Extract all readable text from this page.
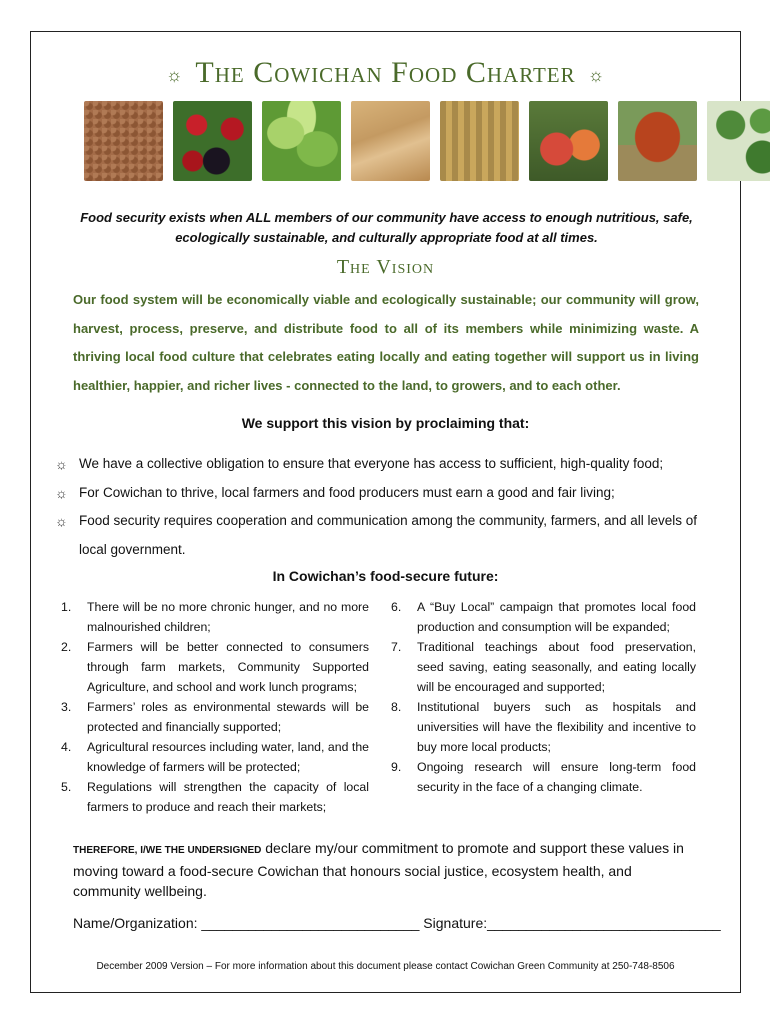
☼ The Cowichan Food Charter ☼
Food security exists when ALL members of our community have access to enough nutritious, safe, ecologically sustainable, and culturally appropriate food at all times.
The Vision
Our food system will be economically viable and ecologically sustainable; our community will grow, harvest, process, preserve, and distribute food to all of its members while minimizing waste. A thriving local food culture that celebrates eating locally and eating together will support us in living healthier, happier, and richer lives - connected to the land, to growers, and to each other.
We support this vision by proclaiming that:
☼ We have a collective obligation to ensure that everyone has access to sufficient, high-quality food;
☼ For Cowichan to thrive, local farmers and food producers must earn a good and fair living;
☼ Food security requires cooperation and communication among the community, farmers, and all levels of local government.
In Cowichan’s food-secure future:
1. There will be no more chronic hunger, and no more malnourished children;
2. Farmers will be better connected to consumers through farm markets, Community Supported Agriculture, and school and work lunch programs;
3. Farmers’ roles as environmental stewards will be protected and financially supported;
4. Agricultural resources including water, land, and the knowledge of farmers will be protected;
5. Regulations will strengthen the capacity of local farmers to produce and reach their markets;
6. A “Buy Local” campaign that promotes local food production and consumption will be expanded;
7. Traditional teachings about food preservation, seed saving, eating seasonally, and eating locally will be encouraged and supported;
8. Institutional buyers such as hospitals and universities will have the flexibility and incentive to buy more local products;
9. Ongoing research will ensure long-term food security in the face of a changing climate.
THEREFORE, I/WE THE UNDERSIGNED declare my/our commitment to promote and support these values in moving toward a food-secure Cowichan that honours social justice, ecosystem health, and community wellbeing.
Name/Organization: ____________________________ Signature:______________________________
December 2009 Version – For more information about this document please contact Cowichan Green Community at 250-748-8506
